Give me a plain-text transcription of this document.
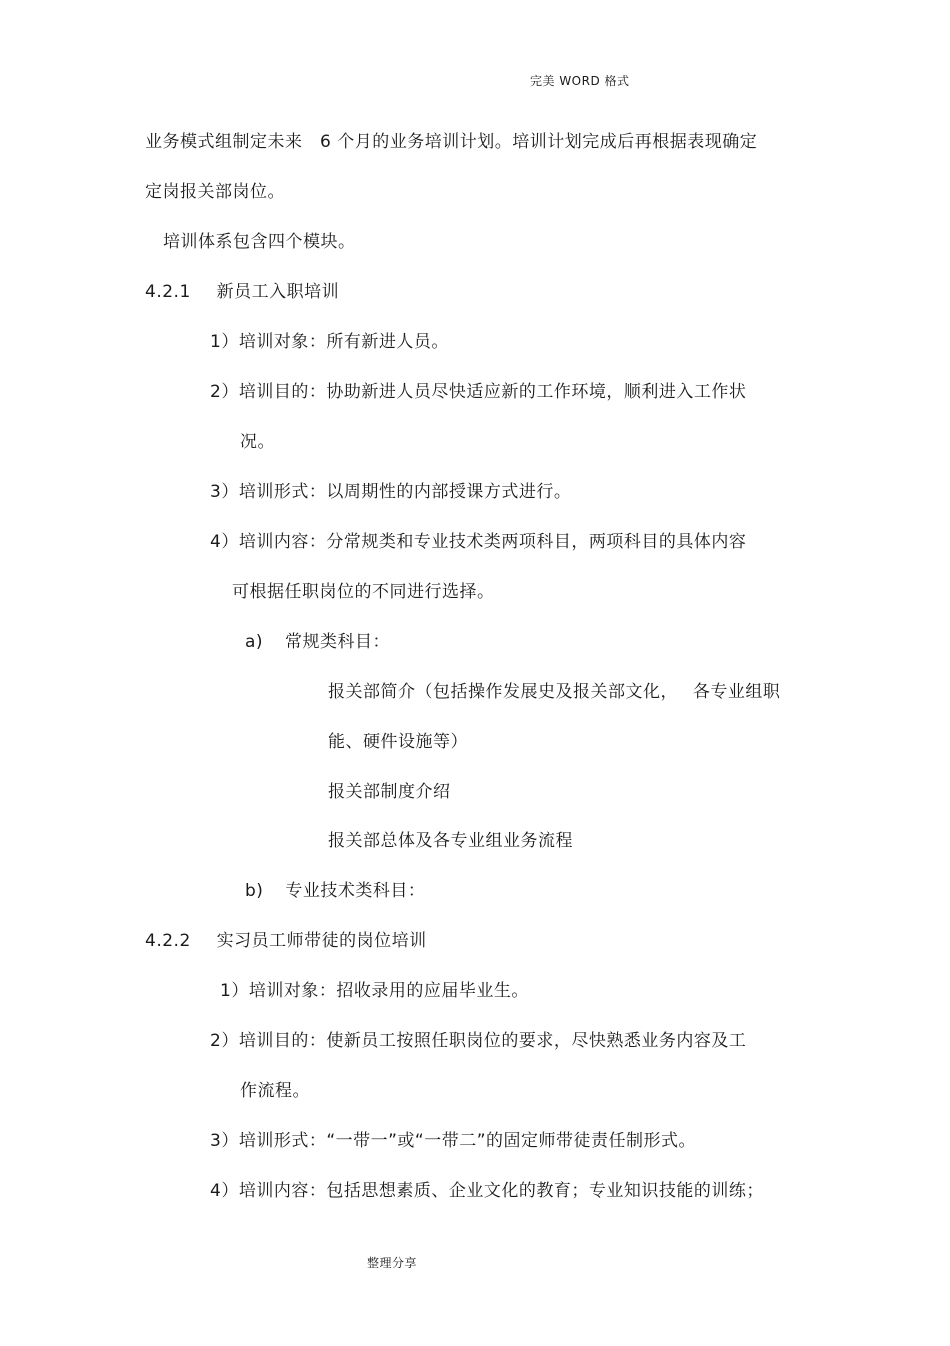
完美 WORD 格式
业务模式组制定未来　6 个月的业务培训计划。培训计划完成后再根据表现确定
定岗报关部岗位。
培训体系包含四个模块。
4.2.1 新员工入职培训
1）培训对象：所有新进人员。
2）培训目的：协助新进人员尽快适应新的工作环境，顺利进入工作状
况。
3）培训形式：以周期性的内部授课方式进行。
4）培训内容：分常规类和专业技术类两项科目，两项科目的具体内容
可根据任职岗位的不同进行选择。
a) 常规类科目：
报关部简介（包括操作发展史及报关部文化，　 各专业组职
能、硬件设施等）
报关部制度介绍
报关部总体及各专业组业务流程
b) 专业技术类科目：
4.2.2 实习员工师带徒的岗位培训
1）培训对象：招收录用的应届毕业生。
2）培训目的：使新员工按照任职岗位的要求，尽快熟悉业务内容及工
作流程。
3）培训形式：“一带一”或“一带二”的固定师带徒责任制形式。
4）培训内容：包括思想素质、企业文化的教育；专业知识技能的训练；
整理分享
